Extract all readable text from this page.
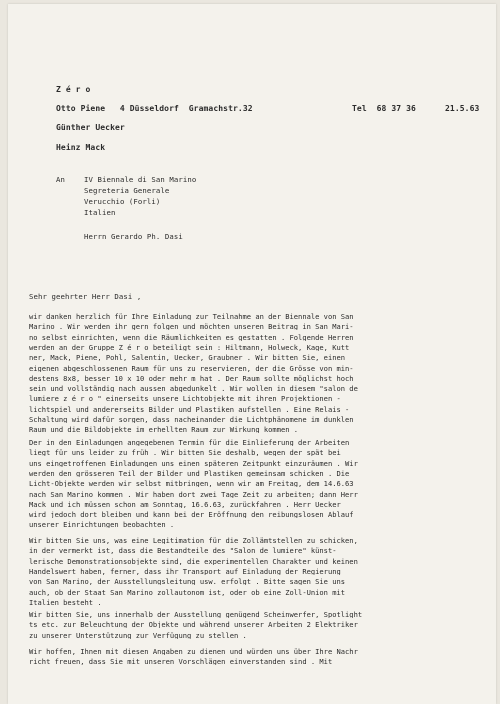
Z é r o
Otto Piene   4 Düsseldorf  Gramachstr.32	Tel  68 37 36	21.5.63
Günther Uecker
Heinz Mack
An	IV Biennale di San Marino
Segreteria Generale
Verucchio (Forli)
Italien
Herrn Gerardo Ph. Dasi
Sehr geehrter Herr Dasi ,
wir danken herzlich für Ihre Einladung zur Teilnahme an der Biennale von San
Marino . Wir werden ihr gern folgen und möchten unseren Beitrag in San Mari-
no selbst einrichten, wenn die Räumlichkeiten es gestatten . Folgende Herren
werden an der Gruppe Z é r o beteiligt sein : Hiltmann, Holweck, Kage, Kutt
ner, Mack, Piene, Pohl, Salentin, Uecker, Graubner . Wir bitten Sie, einen
eigenen abgeschlossenen Raum für uns zu reservieren, der die Grösse von min-
destens 8x8, besser 10 x 10 oder mehr m hat . Der Raum sollte möglichst hoch
sein und vollständig nach aussen abgedunkelt . Wir wollen in diesem "salon de
lumiere z é r o " einerseits unsere Lichtobjekte mit ihren Projektionen -
lichtspiel und andererseits Bilder und Plastiken aufstellen . Eine Relais -
Schaltung wird dafür sorgen, dass nacheinander die Lichtphänomene im dunklen
Raum und die Bildobjekte im erhellten Raum zur Wirkung kommen .
Der in den Einladungen angegebenen Termin für die Einlieferung der Arbeiten
liegt für uns leider zu früh . Wir bitten Sie deshalb, wegen der spät bei
uns eingetroffenen Einladungen uns einen späteren Zeitpunkt einzuräumen . Wir
werden den grösseren Teil der Bilder und Plastiken gemeinsam schicken . Die
Licht-Objekte werden wir selbst mitbringen, wenn wir am Freitag, dem 14.6.63
nach San Marino kommen . Wir haben dort zwei Tage Zeit zu arbeiten; dann Herr
Mack und ich müssen schon am Sonntag, 16.6.63, zurückfahren . Herr Uecker
wird jedoch dort bleiben und kann bei der Eröffnung den reibungslosen Ablauf
unserer Einrichtungen beobachten .
Wir bitten Sie uns, was eine Legitimation für die Zollämtstellen zu schicken,
in der vermerkt ist, dass die Bestandteile des "Salon de lumiere" künst-
lerische Demonstrationsobjekte sind, die experimentellen Charakter und keinen
Handelswert haben, ferner, dass ihr Transport auf Einladung der Regierung
von San Marino, der Ausstellungsleitung usw. erfolgt . Bitte sagen Sie uns
auch, ob der Staat San Marino zollautonom ist, oder ob eine Zoll-Union mit
Italien besteht .
Wir bitten Sie, uns innerhalb der Ausstellung genügend Scheinwerfer, Spotlight
ts etc. zur Beleuchtung der Objekte und während unserer Arbeiten 2 Elektriker
zu unserer Unterstützung zur Verfügung zu stellen .
Wir hoffen, Ihnen mit diesen Angaben zu dienen und würden uns über Ihre Nachr
richt freuen, dass Sie mit unseren Vorschlägen einverstanden sind . Mit
